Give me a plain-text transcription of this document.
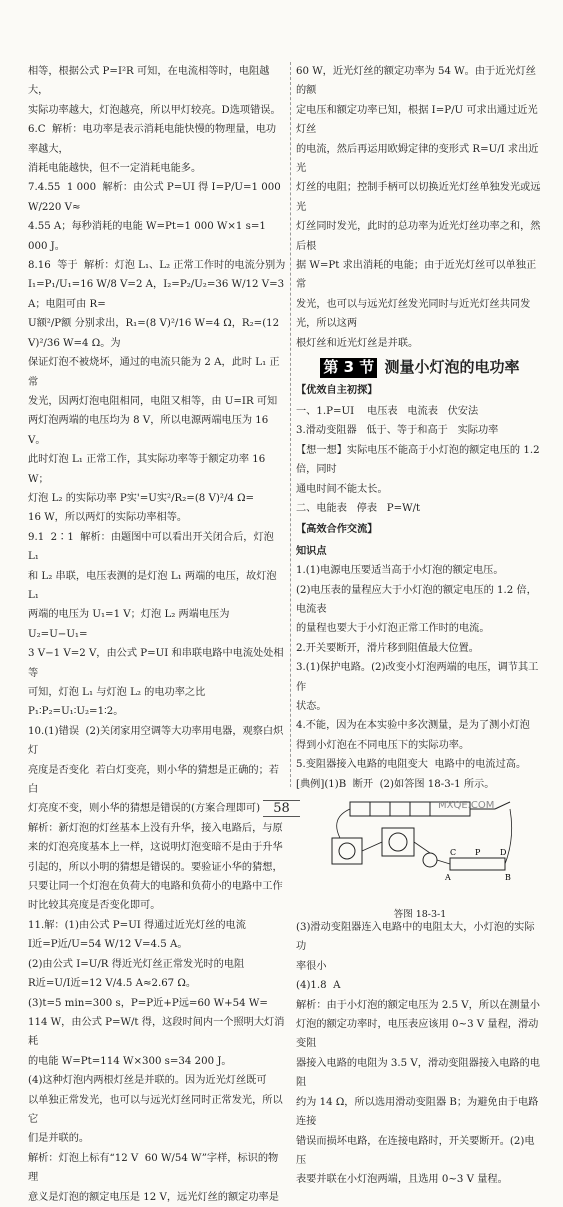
相等，根据公式 P=I²R 可知，在电流相等时，电阻越大，

实际功率越大，灯泡越亮，所以甲灯较亮。D选项错误。

6.C  解析：电功率是表示消耗电能快慢的物理量，电功率越大，

消耗电能越快，但不一定消耗电能多。

7.4.55  1 000  解析：由公式 P=UI 得 I=P/U=1 000 W/220 V≈

4.55 A；每秒消耗的电能 W=Pt=1 000 W×1 s=1 000 J。

8.16  等于  解析：灯泡 L₁、L₂ 正常工作时的电流分别为

I₁=P₁/U₁=16 W/8 V=2 A，I₂=P₂/U₂=36 W/12 V=3 A；电阻可由 R=

U额²/P额 分别求出，R₁=(8 V)²/16 W=4 Ω，R₂=(12 V)²/36 W=4 Ω。为

保证灯泡不被烧坏，通过的电流只能为 2 A，此时 L₁ 正常

发光，因两灯泡电阻相同，电阻又相等，由 U=IR 可知

两灯泡两端的电压均为 8 V，所以电源两端电压为 16 V。

此时灯泡 L₁ 正常工作，其实际功率等于额定功率 16 W；

灯泡 L₂ 的实际功率 P实'=U实²/R₂=(8 V)²/4 Ω=

16 W，所以两灯的实际功率相等。

9.1  2∶1  解析：由题图中可以看出开关闭合后，灯泡 L₁

和 L₂ 串联，电压表测的是灯泡 L₁ 两端的电压，故灯泡 L₁

两端的电压为 U₁=1 V；灯泡 L₂ 两端电压为 U₂=U−U₁=

3 V−1 V=2 V，由公式 P=UI 和串联电路中电流处处相等

可知，灯泡 L₁ 与灯泡 L₂ 的电功率之比 P₁∶P₂=U₁∶U₂=1∶2。

10.(1)错误  (2)关闭家用空调等大功率用电器，观察白炽灯

亮度是否变化  若白灯变亮，则小华的猜想是正确的；若白

灯亮度不变，则小华的猜想是错误的(方案合理即可)

解析：新灯泡的灯丝基本上没有升华，接入电路后，与原

来的灯泡亮度基本上一样，这说明灯泡变暗不是由于升华

引起的，所以小明的猜想是错误的。要验证小华的猜想，

只要让同一个灯泡在负荷大的电路和负荷小的电路中工作

时比较其亮度是否变化即可。

11.解：(1)由公式 P=UI 得通过近光灯丝的电流

I近=P近/U=54 W/12 V=4.5 A。

(2)由公式 I=U/R 得近光灯丝正常发光时的电阻

R近=U/I近=12 V/4.5 A≈2.67 Ω。

(3)t=5 min=300 s，P=P近+P远=60 W+54 W=

114 W，由公式 P=W/t 得，这段时间内一个照明大灯消耗

的电能 W=Pt=114 W×300 s=34 200 J。

(4)这种灯泡内两根灯丝是并联的。因为近光灯丝既可

以单独正常发光，也可以与远光灯丝同时正常发光，所以它

们是并联的。

解析：灯泡上标有“12 V  60 W/54 W”字样，标识的物理

意义是灯泡的额定电压是 12 V，远光灯丝的额定功率是

60 W，近光灯丝的额定功率为 54 W。由于近光灯丝的额

定电压和额定功率已知，根据 I=P/U 可求出通过近光灯丝

的电流，然后再运用欧姆定律的变形式 R=U/I 求出近光

灯丝的电阻；控制手柄可以切换近光灯丝单独发光或远光

灯丝同时发光，此时的总功率为近光灯丝功率之和，然后根

据 W=Pt 求出消耗的电能；由于近光灯丝可以单独正常

发光，也可以与远光灯丝发光同时与近光灯丝共同发光，所以这两

根灯丝和近光灯丝是并联。

第 3 节 测量小灯泡的电功率
【优效自主初探】

一、1.P=UI    电压表   电流表   伏安法

3.滑动变阻器   低于、等于和高于   实际功率

【想一想】实际电压不能高于小灯泡的额定电压的 1.2 倍，同时

通电时间不能太长。

二、电能表   停表   P=W/t

【高效合作交流】
知识点

1.(1)电源电压要适当高于小灯泡的额定电压。

(2)电压表的量程应大于小灯泡的额定电压的 1.2 倍，电流表

的量程也要大于小灯泡正常工作时的电流。

2.开关要断开，滑片移到阻值最大位置。

3.(1)保护电路。(2)改变小灯泡两端的电压，调节其工作

状态。

4.不能，因为在本实验中多次测量，是为了测小灯泡

得到小灯泡在不同电压下的实际功率。

5.变阻器接入电路的电阻变大  电路中的电流过高。

[典例](1)B  断开  (2)如答图 18-3-1 所示。

A	B
C	D
P
答图 18-3-1

(3)滑动变阻器连入电路中的电阻太大，小灯泡的实际功

率很小

(4)1.8  A

解析：由于小灯泡的额定电压为 2.5 V，所以在测量小

灯泡的额定功率时，电压表应该用 0~3 V 量程，滑动变阻

器接入电路的电阻为 3.5 V，滑动变阻器接入电路的电阻

约为 14 Ω，所以选用滑动变阻器 B；为避免由于电路连接

错误而损坏电路，在连接电路时，开关要断开。(2)电压

表要并联在小灯泡两端，且选用 0~3 V 量程。

58	MXQE.COM
